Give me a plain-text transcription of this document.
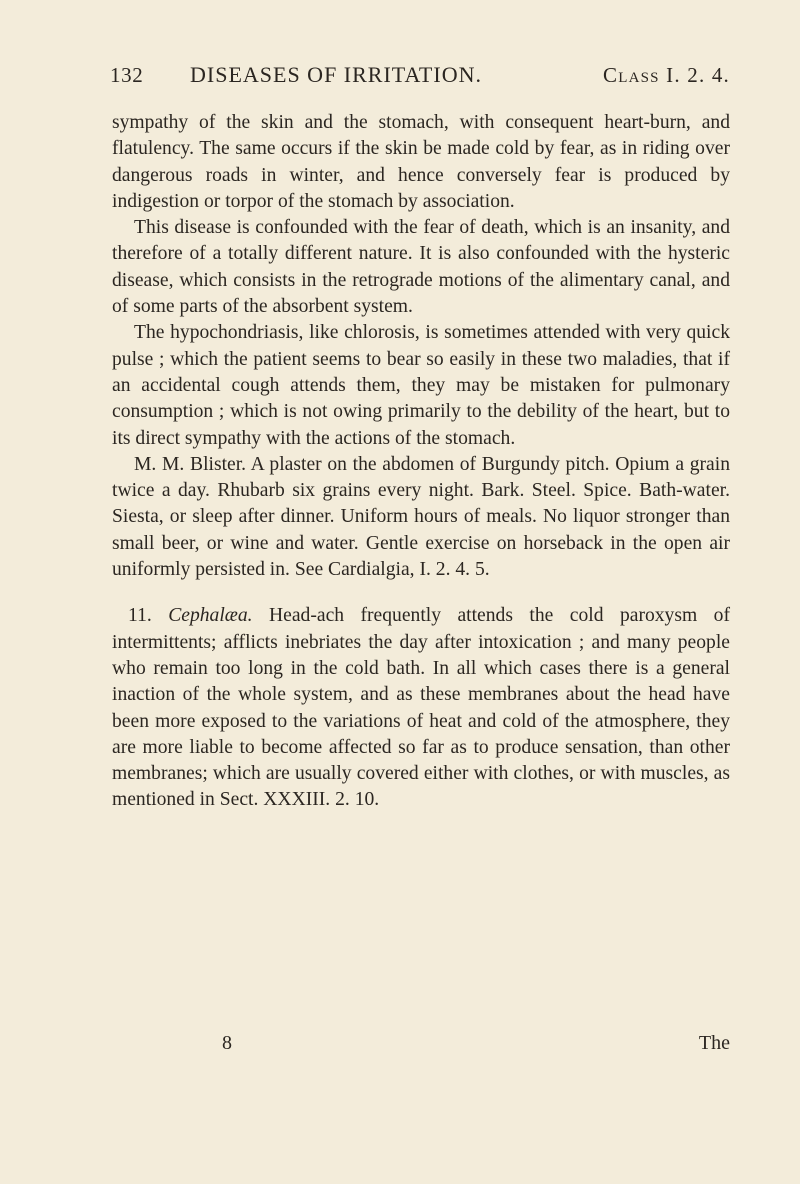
132	DISEASES OF IRRITATION.	Class I. 2. 4.

sympathy of the skin and the stomach, with consequent heart-burn, and flatulency. The same occurs if the skin be made cold by fear, as in riding over dangerous roads in winter, and hence conversely fear is produced by indigestion or torpor of the stomach by association.

This disease is confounded with the fear of death, which is an insanity, and therefore of a totally different nature. It is also confounded with the hysteric disease, which consists in the retrograde motions of the alimentary canal, and of some parts of the absorbent system.

The hypochondriasis, like chlorosis, is sometimes attended with very quick pulse ; which the patient seems to bear so easily in these two maladies, that if an accidental cough attends them, they may be mistaken for pulmonary consumption ; which is not owing primarily to the debility of the heart, but to its direct sympathy with the actions of the stomach.

M. M. Blister. A plaster on the abdomen of Burgundy pitch. Opium a grain twice a day. Rhubarb six grains every night. Bark. Steel. Spice. Bath-water. Siesta, or sleep after dinner. Uniform hours of meals. No liquor stronger than small beer, or wine and water. Gentle exercise on horseback in the open air uniformly persisted in. See Cardialgia, I. 2. 4. 5.

11. Cephalæa. Head-ach frequently attends the cold paroxysm of intermittents; afflicts inebriates the day after intoxication ; and many people who remain too long in the cold bath. In all which cases there is a general inaction of the whole system, and as these membranes about the head have been more exposed to the variations of heat and cold of the atmosphere, they are more liable to become affected so far as to produce sensation, than other membranes; which are usually covered either with clothes, or with muscles, as mentioned in Sect. XXXIII. 2. 10.

8	The
